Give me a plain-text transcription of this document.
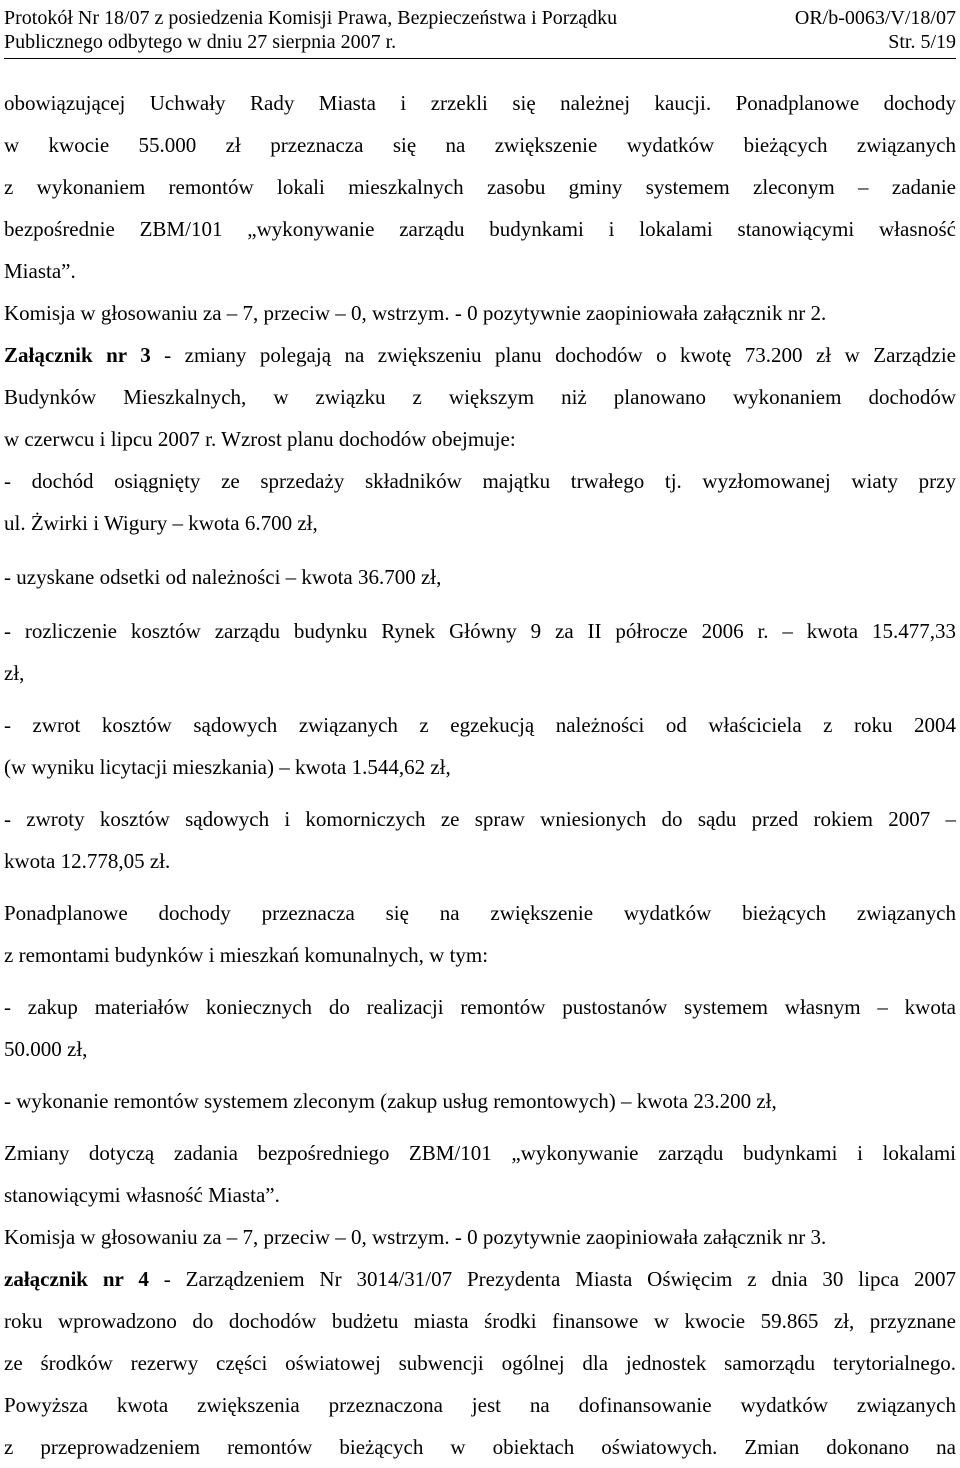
Protokół Nr 18/07 z posiedzenia Komisji Prawa, Bezpieczeństwa i Porządku	OR/b-0063/V/18/07
Publicznego odbytego w dniu 27 sierpnia 2007 r.	Str. 5/19
obowiązującej Uchwały Rady Miasta i zrzekli się należnej kaucji. Ponadplanowe dochody
w kwocie 55.000 zł przeznacza się na zwiększenie wydatków bieżących związanych
z wykonaniem remontów lokali mieszkalnych zasobu gminy systemem zleconym – zadanie
bezpośrednie ZBM/101 „wykonywanie zarządu budynkami i lokalami stanowiącymi własność
Miasta”.
Komisja w głosowaniu za – 7, przeciw – 0, wstrzym. - 0 pozytywnie zaopiniowała załącznik nr 2.
Załącznik nr 3 - zmiany polegają na zwiększeniu planu dochodów o kwotę 73.200 zł w Zarządzie
Budynków Mieszkalnych, w związku z większym niż planowano wykonaniem dochodów
w czerwcu i lipcu 2007 r. Wzrost planu dochodów obejmuje:
- dochód osiągnięty ze sprzedaży składników majątku trwałego tj. wyzłomowanej wiaty przy
ul. Żwirki i Wigury – kwota 6.700 zł,
- uzyskane odsetki od należności – kwota 36.700 zł,
- rozliczenie kosztów zarządu budynku Rynek Główny 9 za II półrocze 2006 r. – kwota 15.477,33
zł,
- zwrot kosztów sądowych związanych z egzekucją należności od właściciela z roku 2004
(w wyniku licytacji mieszkania) – kwota 1.544,62 zł,
- zwroty kosztów sądowych i komorniczych ze spraw wniesionych do sądu przed rokiem 2007 –
kwota 12.778,05 zł.
Ponadplanowe dochody przeznacza się na zwiększenie wydatków bieżących związanych
z remontami budynków i mieszkań komunalnych, w tym:
- zakup materiałów koniecznych do realizacji remontów pustostanów systemem własnym – kwota
50.000 zł,
- wykonanie remontów systemem zleconym (zakup usług remontowych) – kwota 23.200 zł,
Zmiany dotyczą zadania bezpośredniego ZBM/101 „wykonywanie zarządu budynkami i lokalami
stanowiącymi własność Miasta”.
Komisja w głosowaniu za – 7, przeciw – 0, wstrzym. - 0 pozytywnie zaopiniowała załącznik nr 3.
załącznik nr 4 - Zarządzeniem Nr 3014/31/07 Prezydenta Miasta Oświęcim z dnia 30 lipca 2007
roku wprowadzono do dochodów budżetu miasta środki finansowe w kwocie 59.865 zł, przyznane
ze środków rezerwy części oświatowej subwencji ogólnej dla jednostek samorządu terytorialnego.
Powyższa kwota zwiększenia przeznaczona jest na dofinansowanie wydatków związanych
z przeprowadzeniem remontów bieżących w obiektach oświatowych. Zmian dokonano na
